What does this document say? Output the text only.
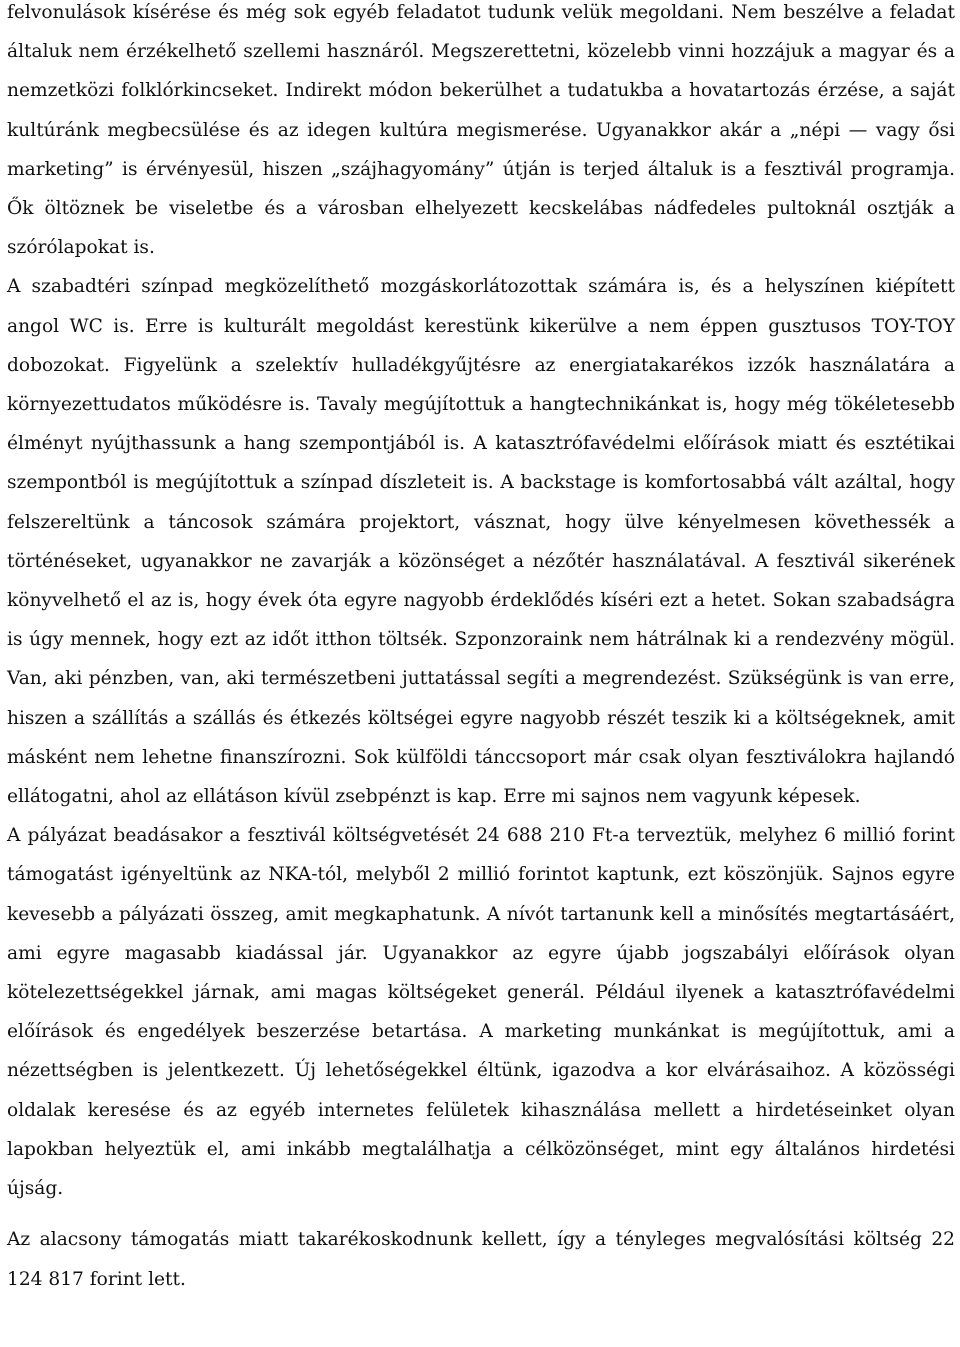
felvonulások kísérése és még sok egyéb feladatot tudunk velük megoldani. Nem beszélve a feladat általuk nem érzékelhető szellemi hasznáról. Megszerettetni, közelebb vinni hozzájuk a magyar és a nemzetközi folklórkincseket. Indirekt módon bekerülhet a tudatukba a hovatartozás érzése, a saját kultúránk megbecsülése és az idegen kultúra megismerése. Ugyanakkor akár a „népi — vagy ősi marketing” is érvényesül, hiszen „szájhagyomány” útján is terjed általuk is a fesztivál programja. Ők öltöznek be viseletbe és a városban elhelyezett kecskelábas nádfedeles pultoknál osztják a szórólapokat is.

A szabadtéri színpad megközelíthető mozgáskorlátozottak számára is, és a helyszínen kiépített angol WC is. Erre is kulturált megoldást kerestünk kikerülve a nem éppen gusztusos TOY-TOY dobozokat. Figyelünk a szelektív hulladékgyűjtésre az energiatakarékos izzók használatára a környezettudatos működésre is. Tavaly megújítottuk a hangtechnikánkat is, hogy még tökéletesebb élményt nyújthassunk a hang szempontjából is. A katasztrófavédelmi előírások miatt és esztétikai szempontból is megújítottuk a színpad díszleteit is. A backstage is komfortosabbá vált azáltal, hogy felszereltünk a táncosok számára projektort, vásznat, hogy ülve kényelmesen követhessék a történéseket, ugyanakkor ne zavarják a közönséget a nézőtér használatával. A fesztivál sikerének könyvelhető el az is, hogy évek óta egyre nagyobb érdeklődés kíséri ezt a hetet. Sokan szabadságra is úgy mennek, hogy ezt az időt itthon töltsék. Szponzoraink nem hátrálnak ki a rendezvény mögül. Van, aki pénzben, van, aki természetbeni juttatással segíti a megrendezést. Szükségünk is van erre, hiszen a szállítás a szállás és étkezés költségei egyre nagyobb részét teszik ki a költségeknek, amit másként nem lehetne finanszírozni. Sok külföldi tánccsoport már csak olyan fesztiválokra hajlandó ellátogatni, ahol az ellátáson kívül zsebpénzt is kap. Erre mi sajnos nem vagyunk képesek.

A pályázat beadásakor a fesztivál költségvetését 24 688 210 Ft-a terveztük, melyhez 6 millió forint támogatást igényeltünk az NKA-tól, melyből 2 millió forintot kaptunk, ezt köszönjük. Sajnos egyre kevesebb a pályázati összeg, amit megkaphatunk. A nívót tartanunk kell a minősítés megtartásáért, ami egyre magasabb kiadással jár. Ugyanakkor az egyre újabb jogszabályi előírások olyan kötelezettségekkel járnak, ami magas költségeket generál. Például ilyenek a katasztrófavédelmi előírások és engedélyek beszerzése betartása. A marketing munkánkat is megújítottuk, ami a nézettségben is jelentkezett. Új lehetőségekkel éltünk, igazodva a kor elvárásaihoz. A közösségi oldalak keresése és az egyéb internetes felületek kihasználása mellett a hirdetéseinket olyan lapokban helyeztük el, ami inkább megtalálhatja a célközönséget, mint egy általános hirdetési újság.

Az alacsony támogatás miatt takarékoskodnunk kellett, így a tényleges megvalósítási költség 22 124 817 forint lett.
